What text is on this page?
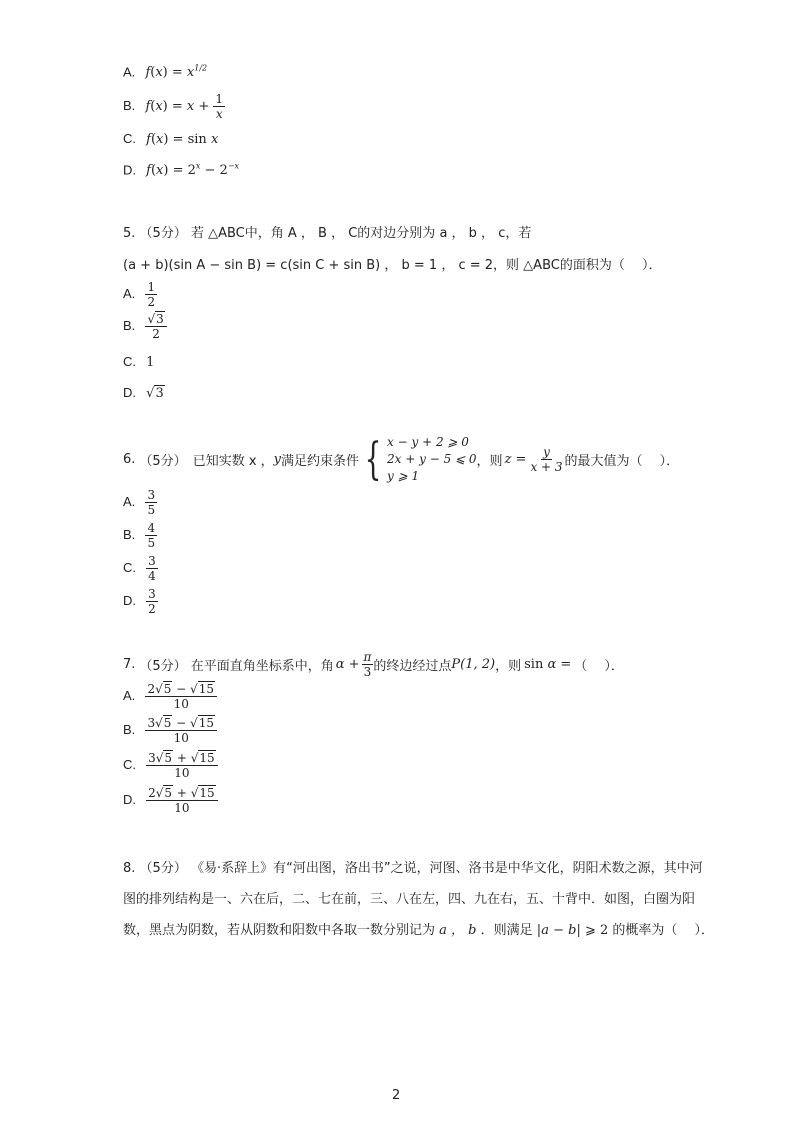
A. $f(x) = x^{1/2}$
B. $f(x) = x + \frac{1}{x}$
C. f(x) = sin x
D. $f(x) = 2^x - 2^{-x}$
5. （5分） 若 △ABC中，角 A ， B ， C的对边分别为 a ， b ， c，若
(a + b)(sin A − sin B) = c(sin C + sin B) ， b = 1 ， c = 2，则 △ABC的面积为（　 ）．
A. $\frac{1}{2}$
B. $\frac{√3}{2}$
C. 1
D. √3
6. （5分） 已知实数 x ， y 满足约束条件 { x − y + 2 ⩾ 0
2x + y − 5 ⩽ 0
y ⩾ 1
，则 $z = \frac{y}{x + 3}$ 的最大值为（　 ）．
A. $\frac{3}{5}$
B. $\frac{4}{5}$
C. $\frac{3}{4}$
D. $\frac{3}{2}$
7. （5分） 在平面直角坐标系中，角 $\alpha + \frac{\pi}{3}$ 的终边经过点 P(1, 2) ，则 sin α = （　 ）．
A. $\frac{2√5 - √15}{10}$
B. $\frac{3√5 - √15}{10}$
C. $\frac{3√5 + √15}{10}$
D. $\frac{2√5 + √15}{10}$
8. （5分） 《易·系辞上》有“河出图，洛出书”之说，河图、洛书是中华文化，阴阳术数之源，其中河
图的排列结构是一、六在后，二、七在前，三、八在左，四、九在右，五、十背中．如图，白圈为阳
数，黑点为阴数，若从阴数和阳数中各取一数分别记为 a ， b ．则满足 |a − b| ⩾ 2 的概率为（　 ）．
2
